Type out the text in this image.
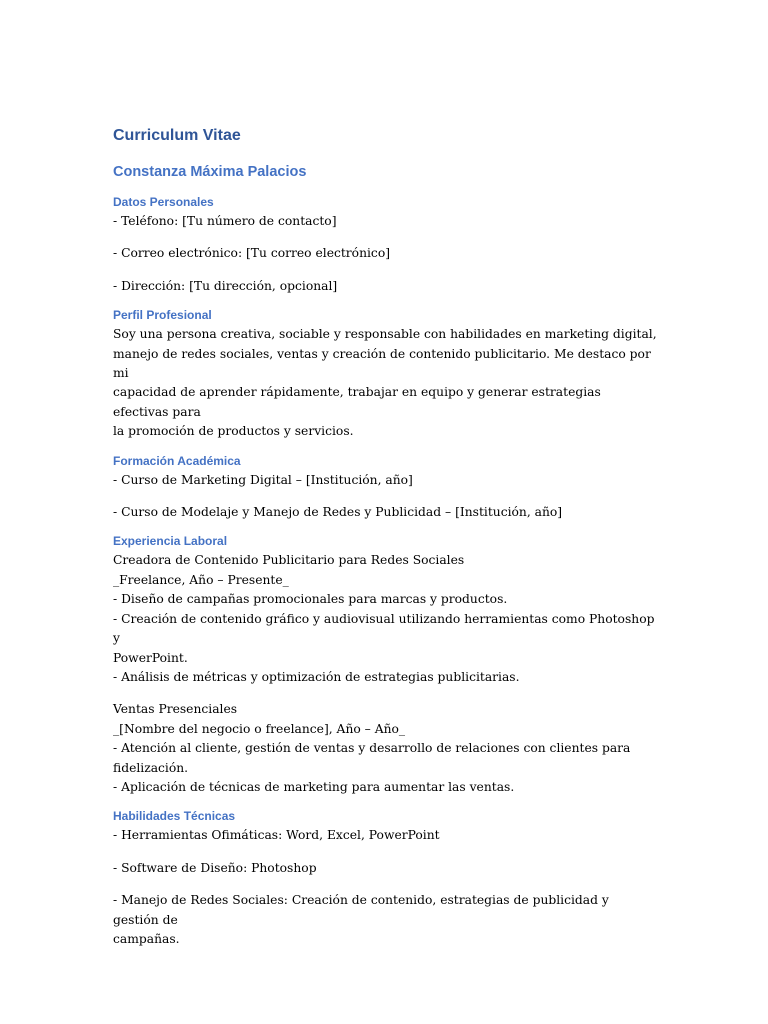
Curriculum Vitae
Constanza Máxima Palacios
Datos Personales

- Teléfono: [Tu número de contacto]

- Correo electrónico: [Tu correo electrónico]

- Dirección: [Tu dirección, opcional]

Perfil Profesional

Soy una persona creativa, sociable y responsable con habilidades en marketing digital,

manejo de redes sociales, ventas y creación de contenido publicitario. Me destaco por mi

capacidad de aprender rápidamente, trabajar en equipo y generar estrategias efectivas para

la promoción de productos y servicios.

Formación Académica

- Curso de Marketing Digital – [Institución, año]

- Curso de Modelaje y Manejo de Redes y Publicidad – [Institución, año]

Experiencia Laboral

Creadora de Contenido Publicitario para Redes Sociales

_Freelance, Año – Presente_

- Diseño de campañas promocionales para marcas y productos.

- Creación de contenido gráfico y audiovisual utilizando herramientas como Photoshop y

PowerPoint.

- Análisis de métricas y optimización de estrategias publicitarias.

Ventas Presenciales

_[Nombre del negocio o freelance], Año – Año_

- Atención al cliente, gestión de ventas y desarrollo de relaciones con clientes para

fidelización.

- Aplicación de técnicas de marketing para aumentar las ventas.

Habilidades Técnicas

- Herramientas Ofimáticas: Word, Excel, PowerPoint

- Software de Diseño: Photoshop

- Manejo de Redes Sociales: Creación de contenido, estrategias de publicidad y gestión de

campañas.
